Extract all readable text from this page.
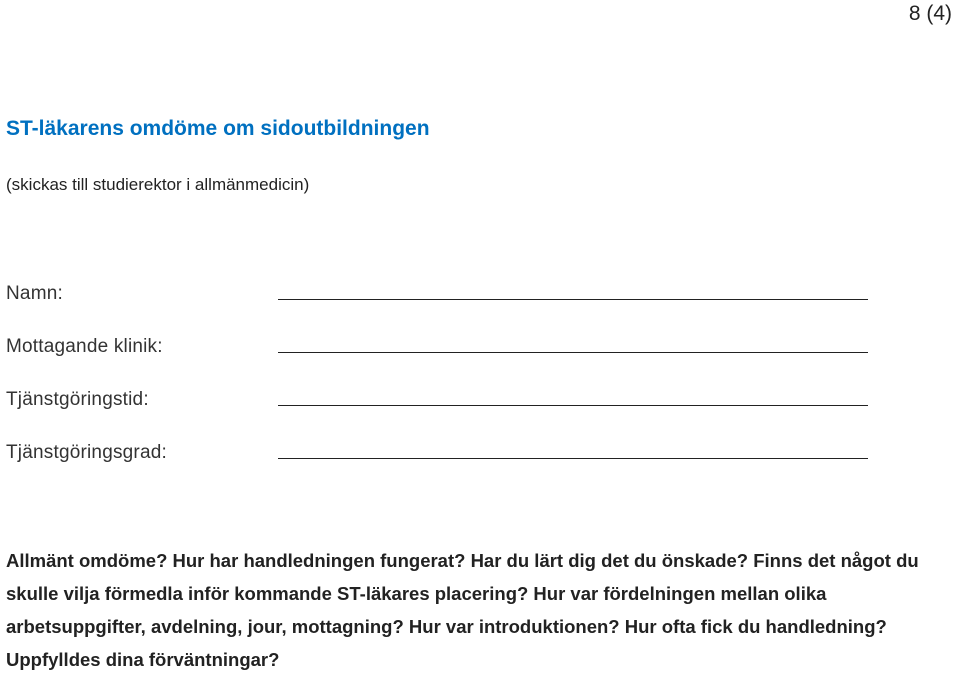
8 (4)
ST-läkarens omdöme om sidoutbildningen
(skickas till studierektor i allmänmedicin)
Namn:
Mottagande klinik:
Tjänstgöringstid:
Tjänstgöringsgrad:
Allmänt omdöme? Hur har handledningen fungerat? Har du lärt dig det du önskade? Finns det något du skulle vilja förmedla inför kommande ST-läkares placering? Hur var fördelningen mellan olika arbetsuppgifter, avdelning, jour, mottagning? Hur var introduktionen? Hur ofta fick du handledning? Uppfylldes dina förväntningar?
